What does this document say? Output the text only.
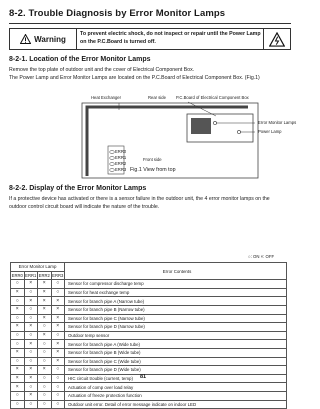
8-2. Trouble Diagnosis by Error Monitor Lamps
Warning
To prevent electric shock, do not inspect or repair until the Power Lamp on the P.C.Board is turned off.
8-2-1. Location of the Error Monitor Lamps
Remove the top plate of outdoor unit and the cover of Electrical Component Box.
The Power Lamp and Error Monitor Lamps are located on the P.C.Board of Electrical Component Box. (Fig.1)
Heat Exchanger	Rear side P.C.Board of Electrical Component Box
Error Monitor Lamps
Power Lamp
ERR0
ERR1
ERR2
ERR3
Front side
Fig.1 View from top
8-2-2. Display of the Error Monitor Lamps
If a protective device has activated or there is a sensor failure in the outdoor unit, the 4 error monitor lamps on the
outdoor control circuit board will indicate the nature of the trouble.
○: ON ×: OFF
Error Monitor Lamp				Error Contents
ERR0	ERR1	ERR2	ERR3	
○	×	×	○	Sensor for compressor discharge temp
×	○	×	○	Sensor for heat exchange temp
○	×	×	×	Sensor for branch pipe A (Narrow tube)
×	○	×	×	Sensor for branch pipe B (Narrow tube)
○	○	×	×	Sensor for branch pipe C (Narrow tube)
×	×	○	×	Sensor for branch pipe D (Narrow tube)
○	○	×	○	Outdoor temp sensor
○	×	○	×	Sensor for branch pipe A (Wide tube)
×	○	○	×	Sensor for branch pipe B (Wide tube)
○	○	○	×	Sensor for branch pipe C (Wide tube)
×	×	×	○	Sensor for branch pipe D (Wide tube)
×	×	○	○	HIC circuit trouble (current, temp)
×	○	○	○	Actuation of comp over load relay
○	×	○	○	Actuation of freeze protection function
○	○	○	○	Outdoor unit error. Detail of error message indicate on indoor LED
81
